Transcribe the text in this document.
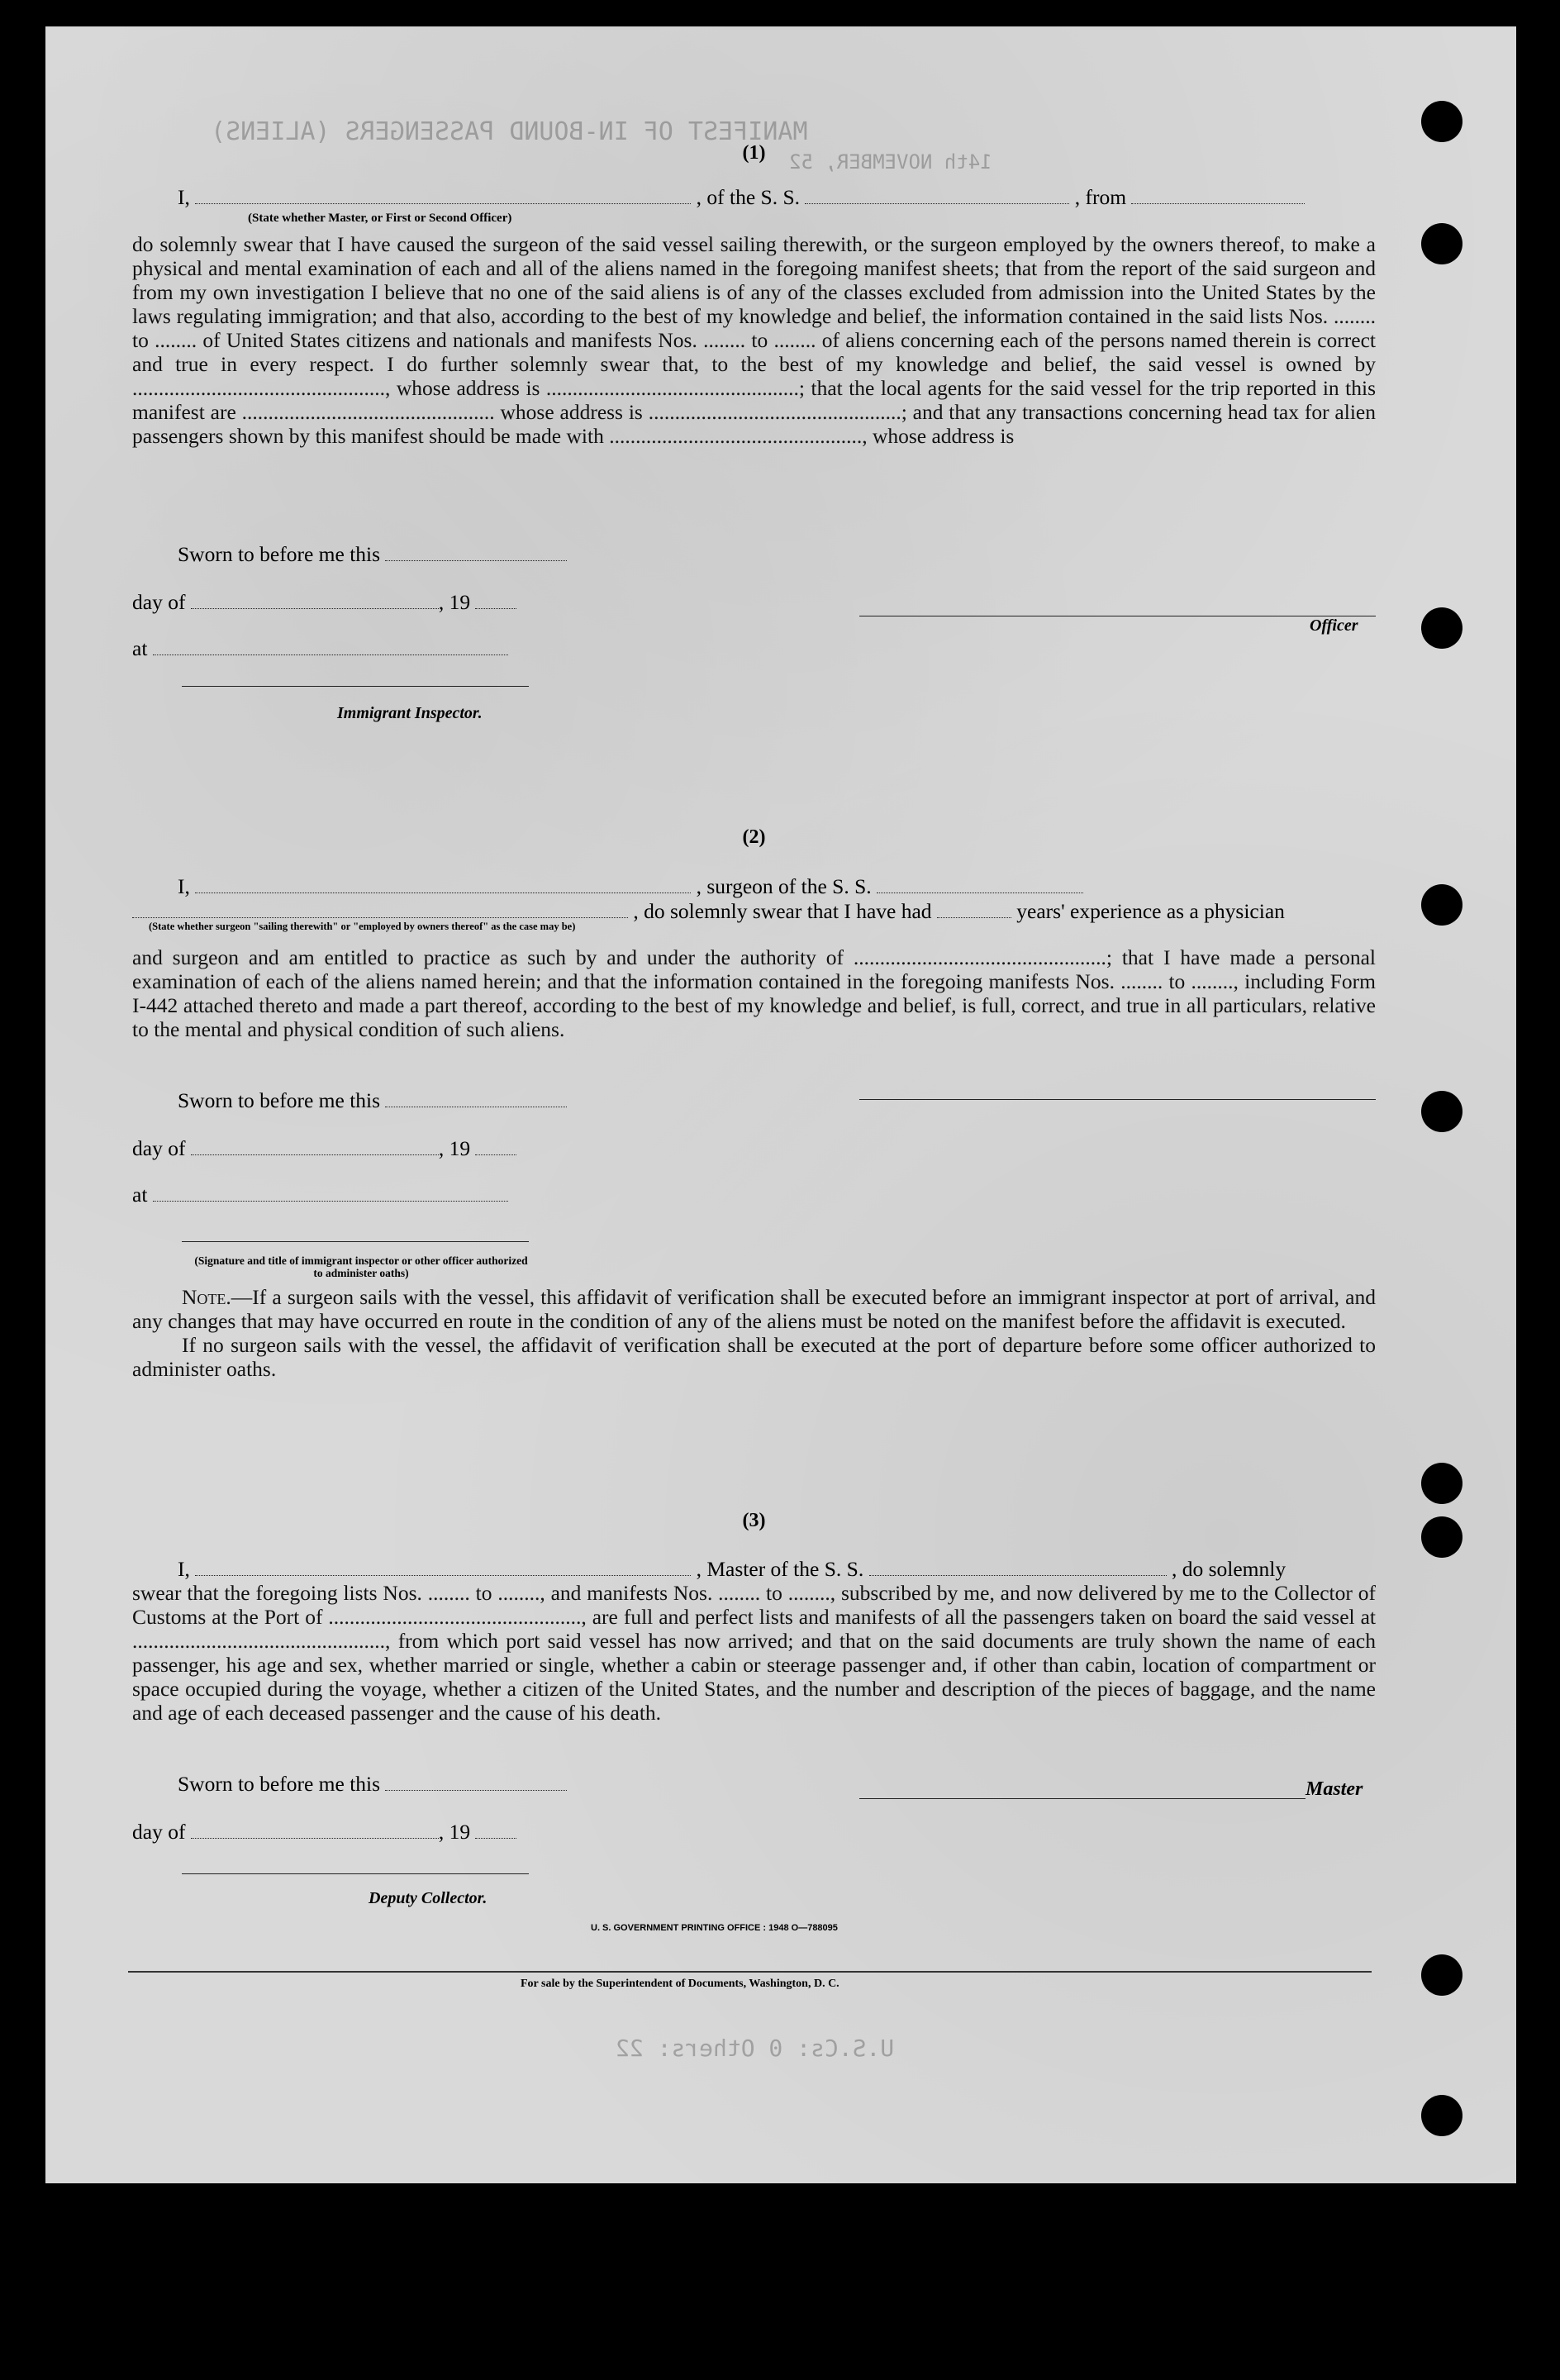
MANIFEST OF IN-BOUND PASSENGERS (ALIENS)
14th NOVEMBER, 52
U.S.Cs: 0 Others: 22
(1)
I,	, of the S. S.	, from
(State whether Master, or First or Second Officer)

do solemnly swear that I have caused the surgeon of the said vessel sailing therewith, or the surgeon employed by the owners thereof, to make a physical and mental examination of each and all of the aliens named in the foregoing manifest sheets; that from the report of the said surgeon and from my own investigation I believe that no one of the said aliens is of any of the classes excluded from admission into the United States by the laws regulating immigration; and that also, according to the best of my knowledge and belief, the information contained in the said lists Nos. ........ to ........ of United States citizens and nationals and manifests Nos. ........ to ........ of aliens concerning each of the persons named therein is correct and true in every respect. I do further solemnly swear that, to the best of my knowledge and belief, the said vessel is owned by ................................................, whose address is ................................................; that the local agents for the said vessel for the trip reported in this manifest are ................................................ whose address is ................................................; and that any transactions concerning head tax for alien passengers shown by this manifest should be made with ................................................, whose address is

Sworn to before me this
day of	, 19
at
Officer
Immigrant Inspector.
(2)
I,	, surgeon of the S. S.
, do solemnly swear that I have had	years' experience as a physician
(State whether surgeon "sailing therewith" or "employed by owners thereof" as the case may be)

and surgeon and am entitled to practice as such by and under the authority of ................................................; that I have made a personal examination of each of the aliens named herein; and that the information contained in the foregoing manifests Nos. ........ to ........, including Form I-442 attached thereto and made a part thereof, according to the best of my knowledge and belief, is full, correct, and true in all particulars, relative to the mental and physical condition of such aliens.

Sworn to before me this
day of	, 19
at
(Signature and title of immigrant inspector or other officer authorized to administer oaths)

Note.—If a surgeon sails with the vessel, this affidavit of verification shall be executed before an immigrant inspector at port of arrival, and any changes that may have occurred en route in the condition of any of the aliens must be noted on the manifest before the affidavit is executed.

If no surgeon sails with the vessel, the affidavit of verification shall be executed at the port of departure before some officer authorized to administer oaths.

(3)
I,	, Master of the S. S.	, do solemnly

swear that the foregoing lists Nos. ........ to ........, and manifests Nos. ........ to ........, subscribed by me, and now delivered by me to the Collector of Customs at the Port of ................................................, are full and perfect lists and manifests of all the passengers taken on board the said vessel at ................................................, from which port said vessel has now arrived; and that on the said documents are truly shown the name of each passenger, his age and sex, whether married or single, whether a cabin or steerage passenger and, if other than cabin, location of compartment or space occupied during the voyage, whether a citizen of the United States, and the number and description of the pieces of baggage, and the name and age of each deceased passenger and the cause of his death.

Sworn to before me this
day of	, 19
Master
Deputy Collector.
U. S. GOVERNMENT PRINTING OFFICE : 1948 O—788095
For sale by the Superintendent of Documents, Washington, D. C.
